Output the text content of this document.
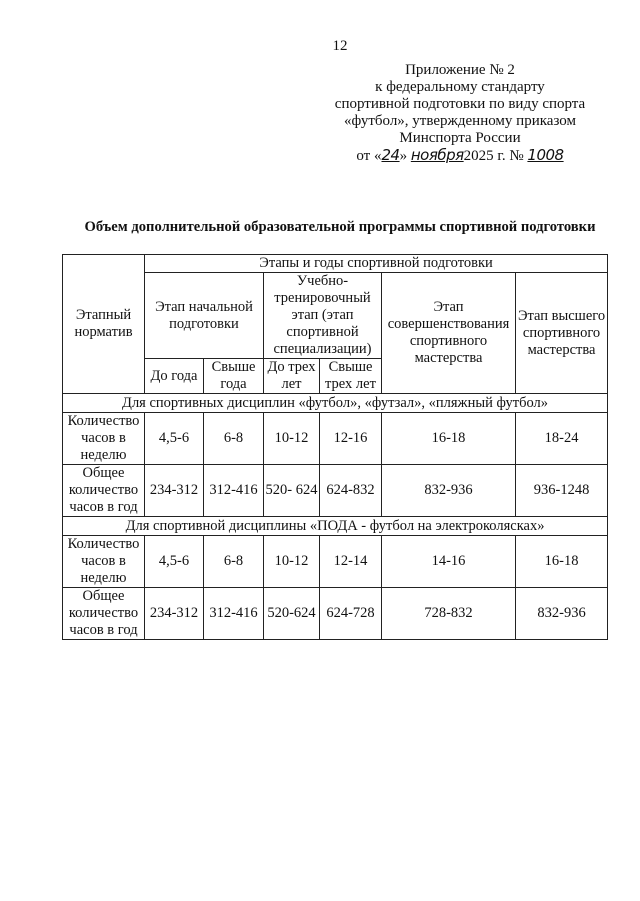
12
Приложение № 2
к федеральному стандарту
спортивной подготовки по виду спорта
«футбол», утвержденному приказом
Минспорта России
от «24» ноября2025 г. № 1008
Объем дополнительной образовательной программы спортивной подготовки
Этапный норматив	Этапы и годы спортивной подготовки					
	Этап начальной подготовки		Учебно-тренировочный этап (этап спортивной специализации)		Этап совершенствования спортивного мастерства	Этап высшего спортивного мастерства
	До года	Свыше года	До трех лет	Свыше трех лет		
Для спортивных дисциплин «футбол», «футзал», «пляжный футбол»						
Количество часов в неделю	4,5-6	6-8	10-12	12-16	16-18	18-24
Общее количество часов в год	234-312	312-416	520- 624	624-832	832-936	936-1248
Для спортивной дисциплины «ПОДА - футбол на электроколясках»						
Количество часов в неделю	4,5-6	6-8	10-12	12-14	14-16	16-18
Общее количество часов в год	234-312	312-416	520-624	624-728	728-832	832-936
